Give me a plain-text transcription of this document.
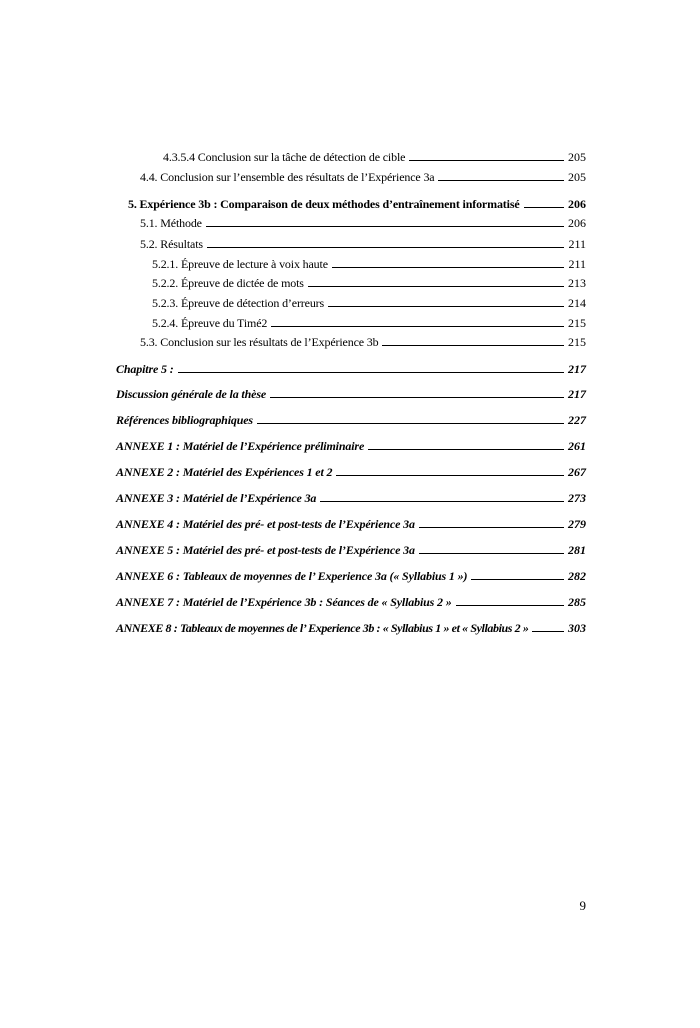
4.3.5.4 Conclusion sur la tâche de détection de cible	205
4.4. Conclusion sur l’ensemble des résultats de l’Expérience 3a	205
5. Expérience 3b : Comparaison de deux méthodes d’entraînement informatisé	206
5.1. Méthode	206
5.2. Résultats	211
5.2.1. Épreuve de lecture à voix haute	211
5.2.2. Épreuve de dictée de mots	213
5.2.3. Épreuve de détection d’erreurs	214
5.2.4. Épreuve du Timé2	215
5.3. Conclusion sur les résultats de l’Expérience 3b	215
Chapitre 5 :	217
Discussion générale de la thèse	217
Références bibliographiques	227
ANNEXE 1 : Matériel de l’Expérience préliminaire	261
ANNEXE 2 : Matériel des Expériences 1 et 2	267
ANNEXE 3 : Matériel de l’Expérience 3a	273
ANNEXE 4 : Matériel des pré- et post-tests de l’Expérience 3a	279
ANNEXE 5 : Matériel des pré- et post-tests de l’Expérience 3a	281
ANNEXE 6 : Tableaux de moyennes de l’ Experience 3a (« Syllabius 1 »)	282
ANNEXE 7 : Matériel de l’Expérience 3b : Séances de « Syllabius 2 »	285
ANNEXE 8 : Tableaux de moyennes de l’ Experience 3b : « Syllabius 1 » et « Syllabius 2 »	303
9
